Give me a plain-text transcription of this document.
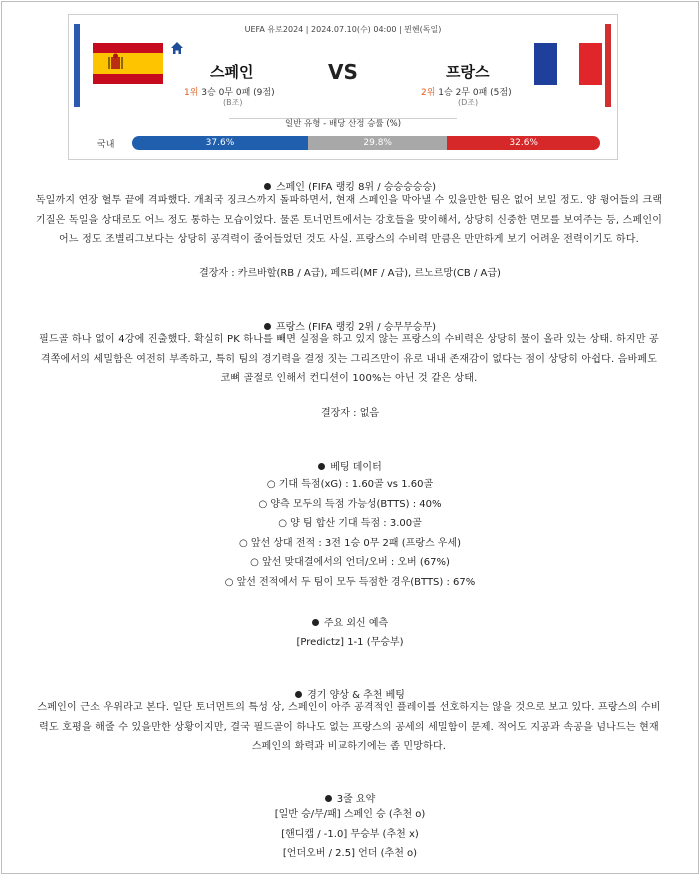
UEFA 유로2024 | 2024.07.10(수) 04:00 | 뮌헨(독일)
스페인	VS	프랑스
1위 3승 0무 0패 (9점)
(B조)
2위 1승 2무 0패 (5점)
(D조)
일반 유형 - 배당 산정 승률 (%)
국내	37.6%	29.8%	32.6%
스페인 (FIFA 랭킹 8위 / 승승승승승)
독일까지 연장 혈투 끝에 격파했다. 개최국 징크스까지 돌파하면서, 현재 스페인을 막아낼 수 있을만한 팀은 없어 보일 정도. 양 윙어들의 크랙
기질은 독일을 상대로도 어느 정도 통하는 모습이었다. 물론 토너먼트에서는 강호들을 맞이해서, 상당히 신중한 면모를 보여주는 등, 스페인이
어느 정도 조별리그보다는 상당히 공격력이 줄어들었던 것도 사실. 프랑스의 수비력 만큼은 만만하게 보기 어려운 전력이기도 하다.
결장자 : 카르바할(RB / A급), 페드리(MF / A급), 르노르망(CB / A급)
프랑스 (FIFA 랭킹 2위 / 승무무승무)
필드골 하나 없이 4강에 진출했다. 확실히 PK 하나를 빼면 실점을 하고 있지 않는 프랑스의 수비력은 상당히 물이 올라 있는 상태. 하지만 공
격쪽에서의 세밀함은 여전히 부족하고, 특히 팀의 경기력을 결정 짓는 그리즈만이 유로 내내 존재감이 없다는 점이 상당히 아쉽다. 음바페도
코뼈 골절로 인해서 컨디션이 100%는 아닌 것 같은 상태.
결장자 : 없음
베팅 데이터
○ 기대 득점(xG) : 1.60골 vs 1.60골
○ 양측 모두의 득점 가능성(BTTS) : 40%
○ 양 팀 합산 기대 득점 : 3.00골
○ 앞선 상대 전적 : 3전 1승 0무 2패 (프랑스 우세)
○ 앞선 맞대결에서의 언더/오버 : 오버 (67%)
○ 앞선 전적에서 두 팀이 모두 득점한 경우(BTTS) : 67%
주요 외신 예측
[Predictz] 1-1 (무승부)
경기 양상 & 추천 베팅
스페인이 근소 우위라고 본다. 일단 토너먼트의 특성 상, 스페인이 아주 공격적인 플레이를 선호하지는 않을 것으로 보고 있다. 프랑스의 수비
력도 호평을 해줄 수 있을만한 상황이지만, 결국 필드골이 하나도 없는 프랑스의 공세의 세밀함이 문제. 적어도 지공과 속공을 넘나드는 현재
스페인의 화력과 비교하기에는 좀 민망하다.
3줄 요약
[일반 승/무/패] 스페인 승 (추천 o)
[핸디캡 / -1.0] 무승부 (추천 x)
[언더오버 / 2.5] 언더 (추천 o)
